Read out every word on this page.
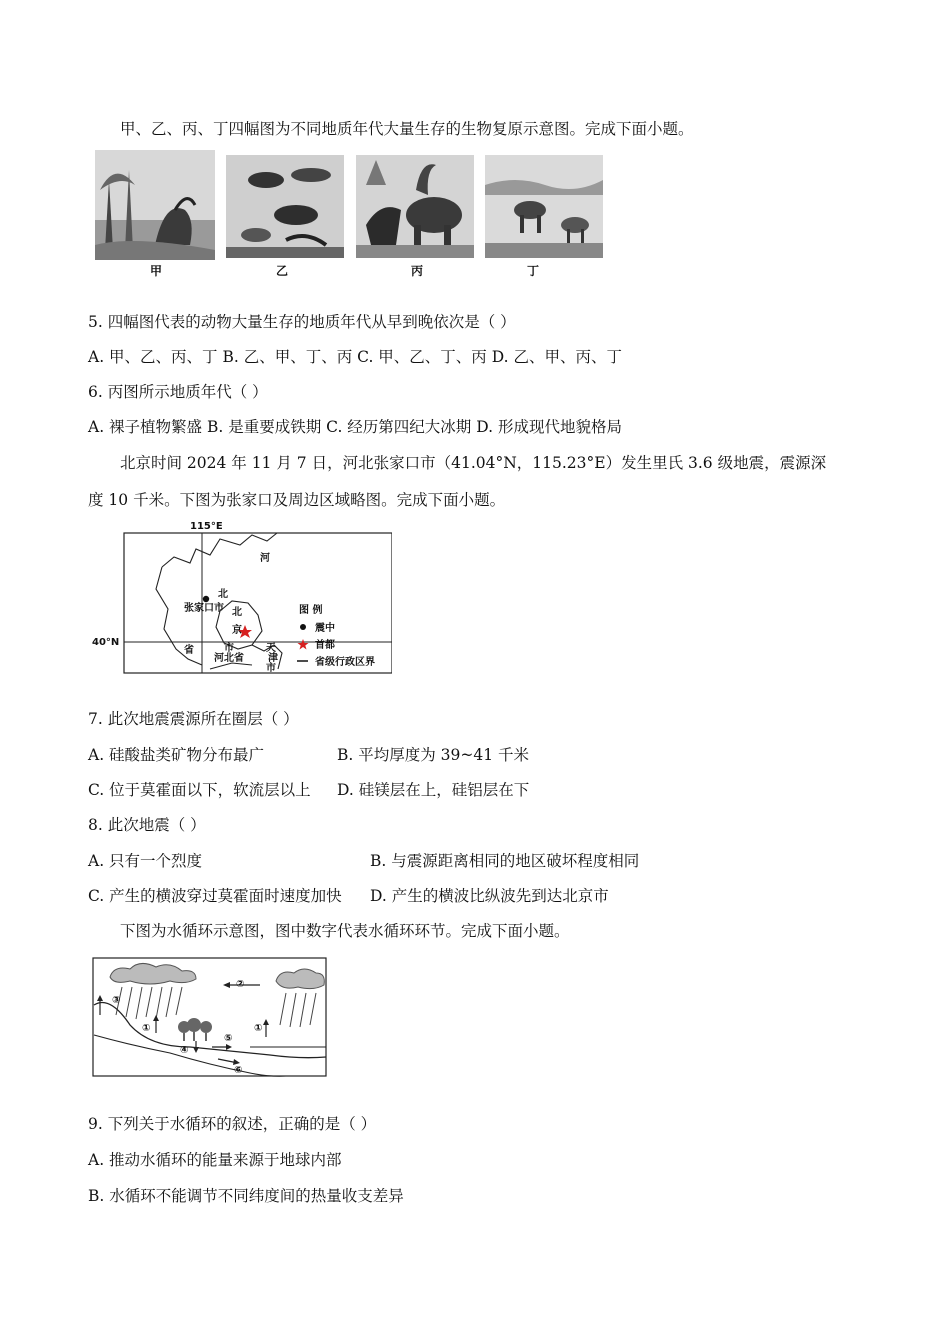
甲、乙、丙、丁四幅图为不同地质年代大量生存的生物复原示意图。完成下面小题。
甲	乙	丙	丁
5. 四幅图代表的动物大量生存的地质年代从早到晚依次是（ ）
A. 甲、乙、丙、丁 B. 乙、甲、丁、丙 C. 甲、乙、丁、丙 D. 乙、甲、丙、丁
6. 丙图所示地质年代（ ）
A. 裸子植物繁盛 B. 是重要成铁期 C. 经历第四纪大冰期 D. 形成现代地貌格局
北京时间 2024 年 11 月 7 日，河北张家口市（41.04°N，115.23°E）发生里氏 3.6 级地震，震源深
度 10 千米。下图为张家口及周边区域略图。完成下面小题。
115°E
40°N
河
北
张家口市 北
京
省	市
河北省
天
津
市
图 例
震中
首都
省级行政区界
7. 此次地震震源所在圈层（ ）
A. 硅酸盐类矿物分布最广	B. 平均厚度为 39~41 千米
C. 位于莫霍面以下，软流层以上 D. 硅镁层在上，硅铝层在下
8. 此次地震（ ）
A. 只有一个烈度	B. 与震源距离相同的地区破坏程度相同
C. 产生的横波穿过莫霍面时速度加快 D. 产生的横波比纵波先到达北京市
下图为水循环示意图，图中数字代表水循环环节。完成下面小题。
①
②
③
④
⑤
⑥
①
9. 下列关于水循环的叙述，正确的是（ ）
A. 推动水循环的能量来源于地球内部
B. 水循环不能调节不同纬度间的热量收支差异
